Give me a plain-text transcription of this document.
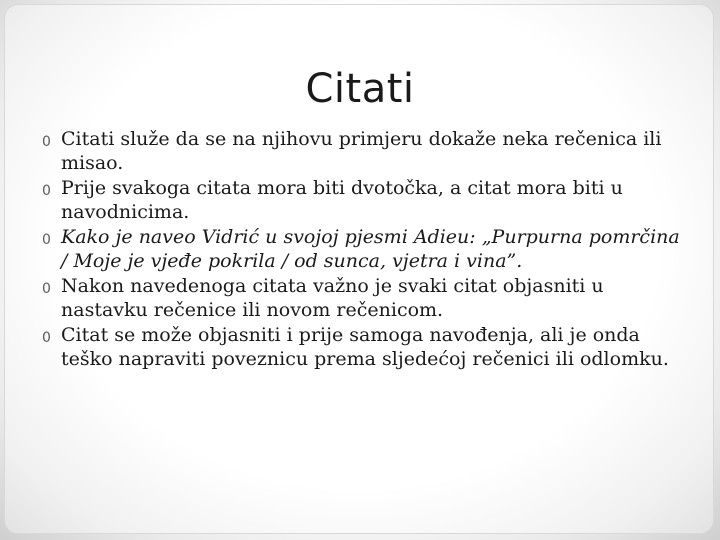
Citati
0 Citati služe da se na njihovu primjeru dokaže neka rečenica ili misao.
0 Prije svakoga citata mora biti dvotočka, a citat mora biti u navodnicima.
0 Kako je naveo Vidrić u svojoj pjesmi Adieu: „Purpurna pomrčina / Moje je vjeđe pokrila / od sunca, vjetra i vina”.
0 Nakon navedenoga citata važno je svaki citat objasniti u nastavku rečenice ili novom rečenicom.
0 Citat se može objasniti i prije samoga navođenja, ali je onda teško napraviti poveznicu prema sljedećoj rečenici ili odlomku.
